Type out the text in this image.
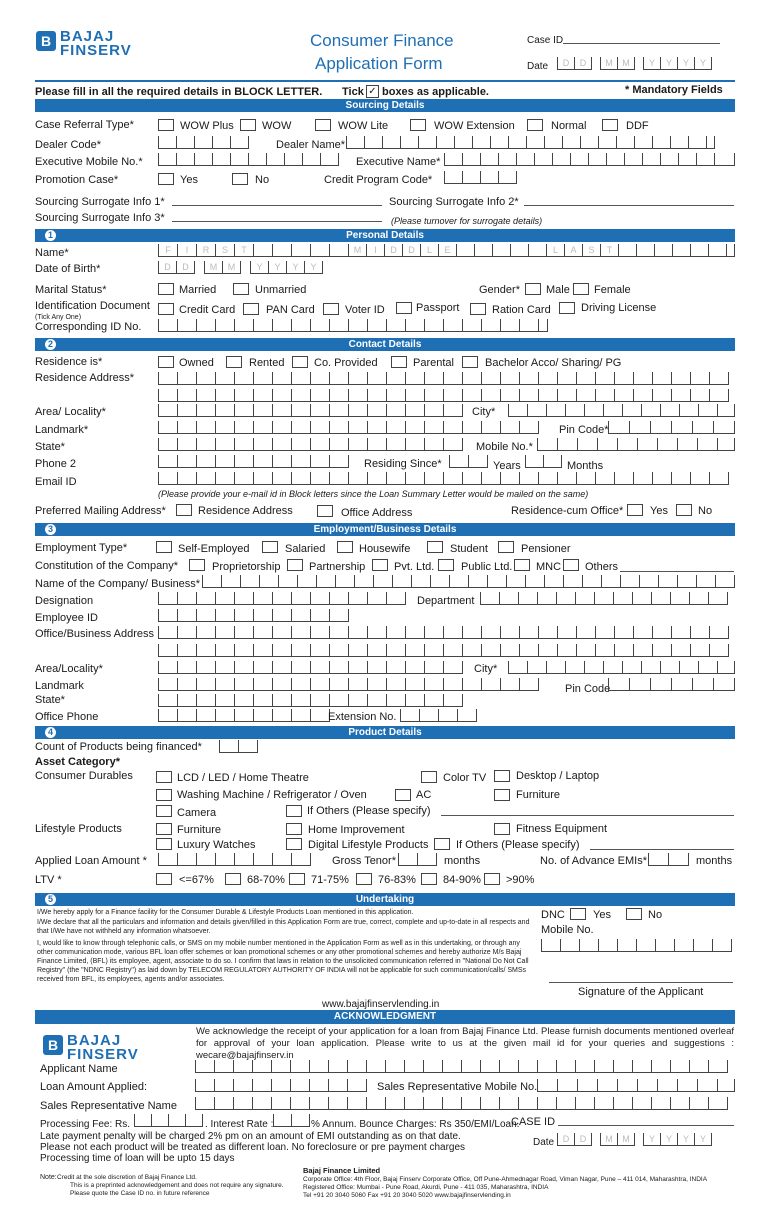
B BAJAJ
FINSERV
Consumer Finance
Application Form
Case ID
Date	D	D	M	M	Y	Y	Y	Y
Please fill in all the required details in BLOCK LETTER. Tick ✓ boxes as applicable.	* Mandatory Fields
Sourcing Details
Case Referral Type*	WOW Plus	WOW	WOW Lite	WOW Extension	Normal	DDF
Dealer Code*	Dealer Name*
Executive Mobile No.*	Executive Name*
Promotion Case*	Yes	No	Credit Program Code*
Sourcing Surrogate Info 1*	Sourcing Surrogate Info 2*
Sourcing Surrogate Info 3*	(Please turnover for surrogate details)
1	Personal Details
Name*	F	I	R	S	T	M	I	D	D	L	E	L	A	S	T
Date of Birth*	D	D	M	M	Y	Y	Y	Y
Marital Status*	Married	Unmarried	Gender* Male Female
Identification Document
(Tick Any One)
Credit Card	PAN Card	Voter ID	Passport	Ration Card	Driving License
Corresponding ID No.
2	Contact Details
Residence is*	Owned	Rented	Co. Provided	Parental	Bachelor Acco/ Sharing/ PG
Residence Address*
Area/ Locality*	City*
Landmark*	Pin Code*
State*	Mobile No.*
Phone 2	Residing Since*	Years	Months
Email ID
(Please provide your e-mail id in Block letters since the Loan Summary Letter would be mailed on the same)
Preferred Mailing Address*	Residence Address	Office Address	Residence-cum Office* Yes	No
3	Employment/Business Details
Employment Type*	Self-Employed	Salaried	Housewife	Student	Pensioner
Constitution of the Company*	Proprietorship	Partnership	Pvt. Ltd. Public Ltd. MNC Others
Name of the Company/ Business*
Designation	Department
Employee ID
Office/Business Address
Area/Locality*	City*
Landmark	Pin Code
State*
Office Phone	Extension No.
4	Product Details
Count of Products being financed*
Asset Category*
Consumer Durables	LCD / LED / Home Theatre	Color TV	Desktop / Laptop
Washing Machine / Refrigerator / Oven	AC	Furniture
Camera	If Others (Please specify)
Lifestyle Products	Furniture	Home Improvement	Fitness Equipment
Luxury Watches	Digital Lifestyle Products	If Others (Please specify)
Applied Loan Amount *	Gross Tenor*	months	No. of Advance EMIs*	months
LTV *	<=67%	68-70% 71-75%	76-83% 84-90% >90%
5	Undertaking
I/We hereby apply for a Finance facility for the Consumer Durable & Lifestyle Products Loan mentioned in this application.
I/We declare that all the particulars and information and details given/filled in this Application Form are true, correct, complete and up-to-date in all respects and that I/We have not withheld any information whatsoever.
I, would like to know through telephonic calls, or SMS on my mobile number mentioned in the Application Form as well as in this undertaking, or through any other communication mode, various BFL loan offer schemes or loan promotional schemes or any other promotional schemes and hereby authorize M/s Bajaj Finance Limited, (BFL) its employee, agent, associate to do so. I confirm that laws in relation to the unsolicited communication referred in "National Do Not Call Registry" (the "NDNC Registry") as laid down by TELECOM REGULATORY AUTHORITY OF INDIA will not be applicable for such communication/calls/ SMSs received from BFL, its employees, agents and/or associates.
DNC	Yes	No
Mobile No.
Signature of the Applicant
www.bajajfinservlending.in
ACKNOWLEDGMENT
B BAJAJ
FINSERV
We acknowledge the receipt of your application for a loan from Bajaj Finance Ltd. Please furnish documents mentioned overleaf for approval of your loan application. Please write to us at the given mail id for your queries and suggestions : wecare@bajajfinserv.in
Applicant Name
Loan Amount Applied:	Sales Representative Mobile No.
Sales Representative Name
Processing Fee: Rs.	. Interest Rate :	% Annum. Bounce Charges: Rs 350/EMI/Loan.
CASE ID
Late payment penalty will be charged 2% pm on an amount of EMI outstanding as on that date.
Please not each product will be treated as different loan. No foreclosure or pre payment charges
Processing time of loan will be upto 15 days
Date D	D	M	M	Y	Y	Y	Y
Note: Credit at the sole discretion of Bajaj Finance Ltd.
This is a preprinted acknowledgement and does not require any signature.
Please quote the Case ID no. in future reference
Bajaj Finance Limited
Corporate Office: 4th Floor, Bajaj Finserv Corporate Office, Off Pune-Ahmednagar Road, Viman Nagar, Pune – 411 014, Maharashtra, INDIA
Registered Office: Mumbai - Pune Road, Akurdi, Pune - 411 035, Maharashtra, INDIA
Tel +91 20 3040 5060 Fax +91 20 3040 5020 www.bajajfinservlending.in
